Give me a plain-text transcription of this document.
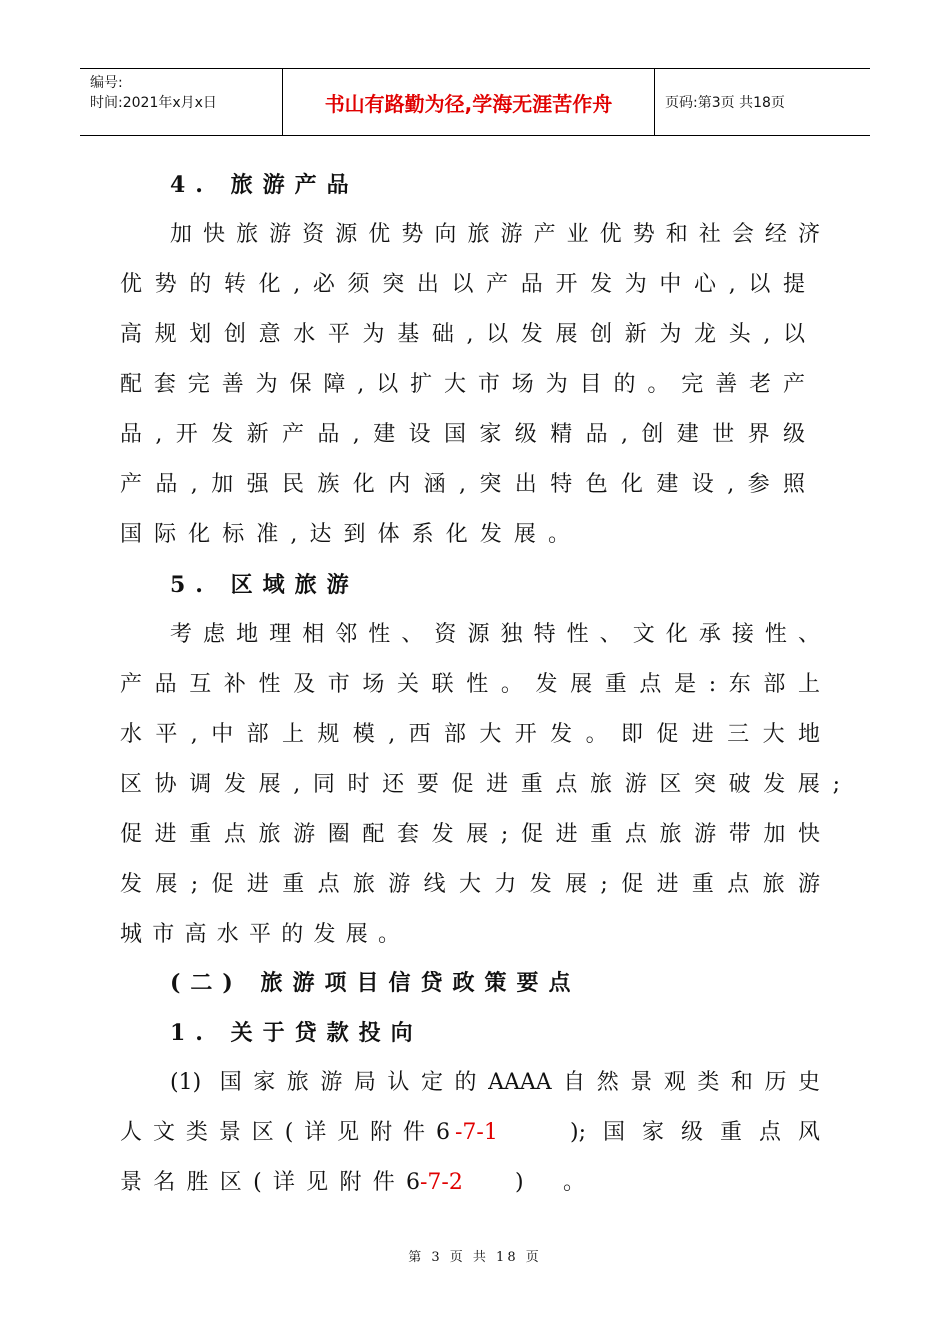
编号:
时间:2021年x月x日	书山有路勤为径,学海无涯苦作舟	页码:第3页 共18页
4. 旅游产品
加快旅游资源优势向旅游产业优势和社会经济
优势的转化,必须突出以产品开发为中心,以提
高规划创意水平为基础,以发展创新为龙头,以
配套完善为保障,以扩大市场为目的。完善老产
品,开发新产品,建设国家级精品,创建世界级
产品,加强民族化内涵,突出特色化建设,参照
国际化标准,达到体系化发展。
5. 区域旅游
考虑地理相邻性、资源独特性、文化承接性、
产品互补性及市场关联性。发展重点是:东部上
水平,中部上规模,西部大开发。即促进三大地
区协调发展,同时还要促进重点旅游区突破发展;
促进重点旅游圈配套发展;促进重点旅游带加快
发展;促进重点旅游线大力发展;促进重点旅游
城市高水平的发展。
(二) 旅游项目信贷政策要点
1. 关于贷款投向
(1) 国家旅游局认定的AAAA自然景观类和历史
人文类景区(详见附件6 -7-1	);国家级重点风
景名胜区(详见附件6 -7-2	)。
第 3 页 共 18 页
